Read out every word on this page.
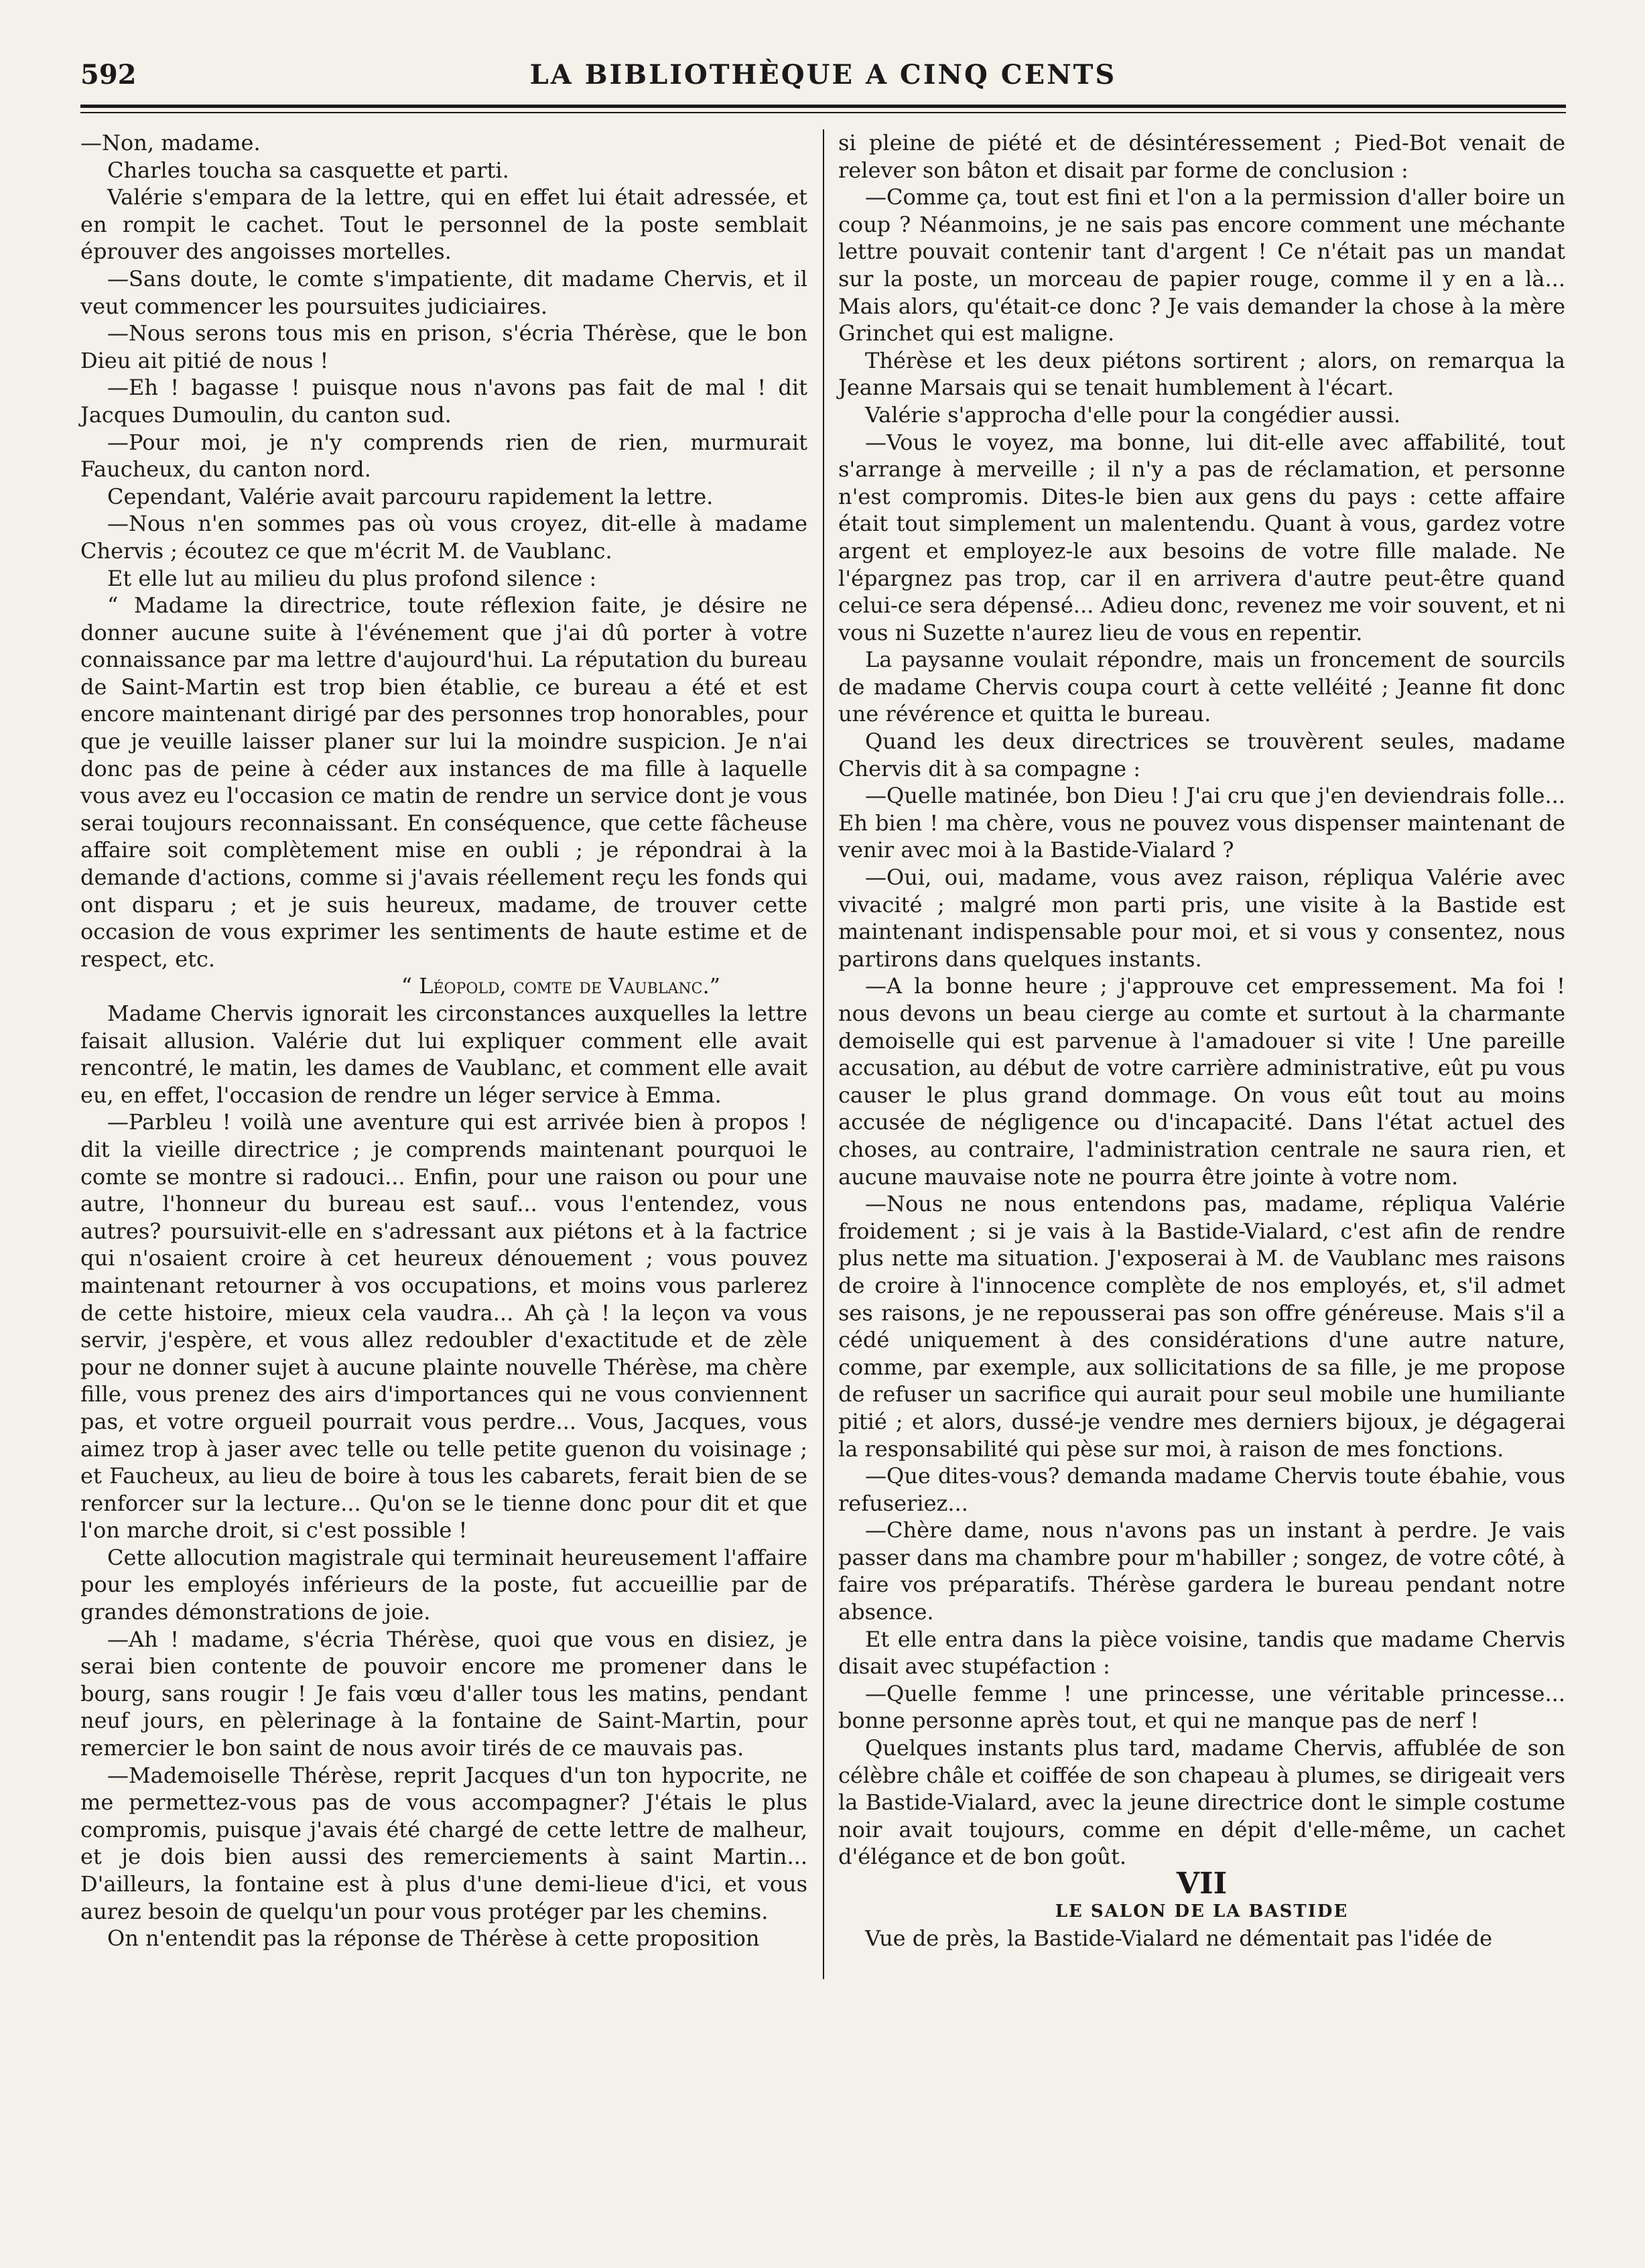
592	LA BIBLIOTHÈQUE A CINQ CENTS

—Non, madame.

Charles toucha sa casquette et parti.

Valérie s'empara de la lettre, qui en effet lui était adressée, et en rompit le cachet. Tout le personnel de la poste semblait éprouver des angoisses mortelles.

—Sans doute, le comte s'impatiente, dit madame Chervis, et il veut commencer les poursuites judiciaires.

—Nous serons tous mis en prison, s'écria Thérèse, que le bon Dieu ait pitié de nous !

—Eh ! bagasse ! puisque nous n'avons pas fait de mal ! dit Jacques Dumoulin, du canton sud.

—Pour moi, je n'y comprends rien de rien, murmurait Faucheux, du canton nord.

Cependant, Valérie avait parcouru rapidement la lettre.

—Nous n'en sommes pas où vous croyez, dit-elle à madame Chervis ; écoutez ce que m'écrit M. de Vaublanc.

Et elle lut au milieu du plus profond silence :

“ Madame la directrice, toute réflexion faite, je désire ne donner aucune suite à l'événement que j'ai dû porter à votre connaissance par ma lettre d'aujourd'hui. La réputation du bureau de Saint-Martin est trop bien établie, ce bureau a été et est encore maintenant dirigé par des personnes trop honorables, pour que je veuille laisser planer sur lui la moindre suspicion. Je n'ai donc pas de peine à céder aux instances de ma fille à laquelle vous avez eu l'occasion ce matin de rendre un service dont je vous serai toujours reconnaissant. En conséquence, que cette fâcheuse affaire soit complètement mise en oubli ; je répondrai à la demande d'actions, comme si j'avais réellement reçu les fonds qui ont disparu ; et je suis heureux, madame, de trouver cette occasion de vous exprimer les sentiments de haute estime et de respect, etc.

“ Léopold, comte de Vaublanc.”

Madame Chervis ignorait les circonstances auxquelles la lettre faisait allusion. Valérie dut lui expliquer comment elle avait rencontré, le matin, les dames de Vaublanc, et comment elle avait eu, en effet, l'occasion de rendre un léger service à Emma.

—Parbleu ! voilà une aventure qui est arrivée bien à propos ! dit la vieille directrice ; je comprends maintenant pourquoi le comte se montre si radouci... Enfin, pour une raison ou pour une autre, l'honneur du bureau est sauf... vous l'entendez, vous autres? poursuivit-elle en s'adressant aux piétons et à la factrice qui n'osaient croire à cet heureux dénouement ; vous pouvez maintenant retourner à vos occupations, et moins vous parlerez de cette histoire, mieux cela vaudra... Ah çà ! la leçon va vous servir, j'espère, et vous allez redoubler d'exactitude et de zèle pour ne donner sujet à aucune plainte nouvelle Thérèse, ma chère fille, vous prenez des airs d'importances qui ne vous conviennent pas, et votre orgueil pourrait vous perdre... Vous, Jacques, vous aimez trop à jaser avec telle ou telle petite guenon du voisinage ; et Faucheux, au lieu de boire à tous les cabarets, ferait bien de se renforcer sur la lecture... Qu'on se le tienne donc pour dit et que l'on marche droit, si c'est possible !

Cette allocution magistrale qui terminait heureusement l'affaire pour les employés inférieurs de la poste, fut accueillie par de grandes démonstrations de joie.

—Ah ! madame, s'écria Thérèse, quoi que vous en disiez, je serai bien contente de pouvoir encore me promener dans le bourg, sans rougir ! Je fais vœu d'aller tous les matins, pendant neuf jours, en pèlerinage à la fontaine de Saint-Martin, pour remercier le bon saint de nous avoir tirés de ce mauvais pas.

—Mademoiselle Thérèse, reprit Jacques d'un ton hypocrite, ne me permettez-vous pas de vous accompagner? J'étais le plus compromis, puisque j'avais été chargé de cette lettre de malheur, et je dois bien aussi des remerciements à saint Martin... D'ailleurs, la fontaine est à plus d'une demi-lieue d'ici, et vous aurez besoin de quelqu'un pour vous protéger par les chemins.

On n'entendit pas la réponse de Thérèse à cette proposition

si pleine de piété et de désintéressement ; Pied-Bot venait de relever son bâton et disait par forme de conclusion :

—Comme ça, tout est fini et l'on a la permission d'aller boire un coup ? Néanmoins, je ne sais pas encore comment une méchante lettre pouvait contenir tant d'argent ! Ce n'était pas un mandat sur la poste, un morceau de papier rouge, comme il y en a là... Mais alors, qu'était-ce donc ? Je vais demander la chose à la mère Grinchet qui est maligne.

Thérèse et les deux piétons sortirent ; alors, on remarqua la Jeanne Marsais qui se tenait humblement à l'écart.

Valérie s'approcha d'elle pour la congédier aussi.

—Vous le voyez, ma bonne, lui dit-elle avec affabilité, tout s'arrange à merveille ; il n'y a pas de réclamation, et personne n'est compromis. Dites-le bien aux gens du pays : cette affaire était tout simplement un malentendu. Quant à vous, gardez votre argent et employez-le aux besoins de votre fille malade. Ne l'épargnez pas trop, car il en arrivera d'autre peut-être quand celui-ce sera dépensé... Adieu donc, revenez me voir souvent, et ni vous ni Suzette n'aurez lieu de vous en repentir.

La paysanne voulait répondre, mais un froncement de sourcils de madame Chervis coupa court à cette velléité ; Jeanne fit donc une révérence et quitta le bureau.

Quand les deux directrices se trouvèrent seules, madame Chervis dit à sa compagne :

—Quelle matinée, bon Dieu ! J'ai cru que j'en deviendrais folle... Eh bien ! ma chère, vous ne pouvez vous dispenser maintenant de venir avec moi à la Bastide-Vialard ?

—Oui, oui, madame, vous avez raison, répliqua Valérie avec vivacité ; malgré mon parti pris, une visite à la Bastide est maintenant indispensable pour moi, et si vous y consentez, nous partirons dans quelques instants.

—A la bonne heure ; j'approuve cet empressement. Ma foi ! nous devons un beau cierge au comte et surtout à la charmante demoiselle qui est parvenue à l'amadouer si vite ! Une pareille accusation, au début de votre carrière administrative, eût pu vous causer le plus grand dommage. On vous eût tout au moins accusée de négligence ou d'incapacité. Dans l'état actuel des choses, au contraire, l'administration centrale ne saura rien, et aucune mauvaise note ne pourra être jointe à votre nom.

—Nous ne nous entendons pas, madame, répliqua Valérie froidement ; si je vais à la Bastide-Vialard, c'est afin de rendre plus nette ma situation. J'exposerai à M. de Vaublanc mes raisons de croire à l'innocence complète de nos employés, et, s'il admet ses raisons, je ne repousserai pas son offre généreuse. Mais s'il a cédé uniquement à des considérations d'une autre nature, comme, par exemple, aux sollicitations de sa fille, je me propose de refuser un sacrifice qui aurait pour seul mobile une humiliante pitié ; et alors, dussé-je vendre mes derniers bijoux, je dégagerai la responsabilité qui pèse sur moi, à raison de mes fonctions.

—Que dites-vous? demanda madame Chervis toute ébahie, vous refuseriez...

—Chère dame, nous n'avons pas un instant à perdre. Je vais passer dans ma chambre pour m'habiller ; songez, de votre côté, à faire vos préparatifs. Thérèse gardera le bureau pendant notre absence.

Et elle entra dans la pièce voisine, tandis que madame Chervis disait avec stupéfaction :

—Quelle femme ! une princesse, une véritable princesse... bonne personne après tout, et qui ne manque pas de nerf !

Quelques instants plus tard, madame Chervis, affublée de son célèbre châle et coiffée de son chapeau à plumes, se dirigeait vers la Bastide-Vialard, avec la jeune directrice dont le simple costume noir avait toujours, comme en dépit d'elle-même, un cachet d'élégance et de bon goût.

VII

LE SALON DE LA BASTIDE

Vue de près, la Bastide-Vialard ne démentait pas l'idée de
